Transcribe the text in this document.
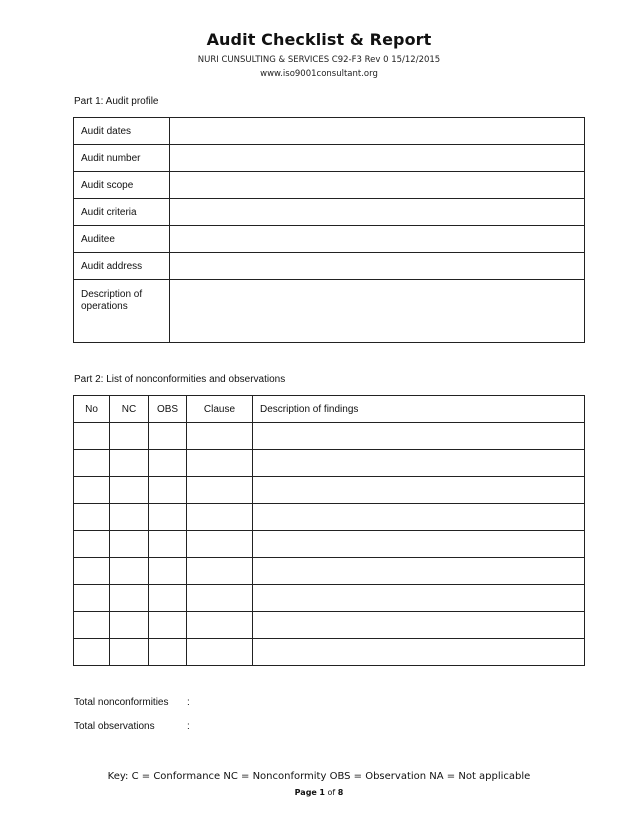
Audit Checklist & Report
NURI CUNSULTING & SERVICES C92-F3 Rev 0 15/12/2015
www.iso9001consultant.org
Part 1: Audit profile
Audit dates	
Audit number	
Audit scope	
Audit criteria	
Auditee	
Audit address	
Description of operations	
Part 2: List of nonconformities and observations
No	NC	OBS	Clause	Description of findings

Total nonconformities :
Total observations	:
Key: C = Conformance NC = Nonconformity OBS = Observation NA = Not applicable
Page 1 of 8
